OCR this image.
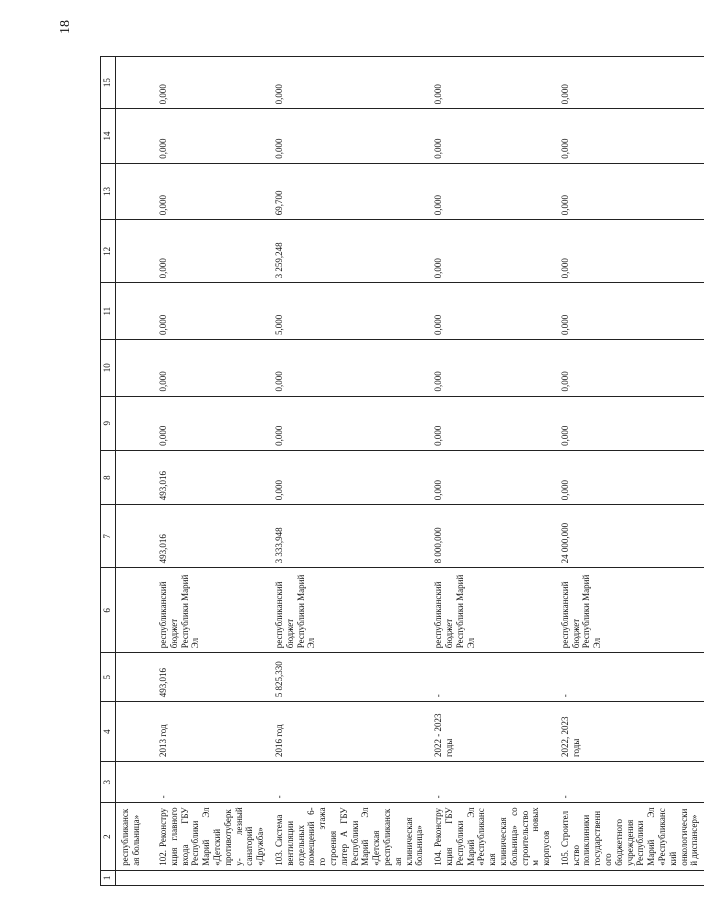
18
1	2	3	4	5	6	7	8	9	10	11	12	13	14	15
	республиканская больница»													
	102.Реконструкция главного входа ГБУ Республики Марий Эл «Детский противотуберку- лезный санаторий «Дружба»	-	2013 год	493,016	республиканский бюджет Республики Марий Эл	493,016	493,016	0,000	0,000	0,000	0,000	0,000	0,000	0,000
	103.Система вентиляции отдельных помещений 6-го этажа строения литер А ГБУ Республики Марий Эл «Детская республиканская клиническая больница»	-	2016 год	5 825,330	республиканский бюджет Республики Марий Эл	3 333,948	0,000	0,000	0,000	5,000	3 259,248	69,700	0,000	0,000
	104.Реконструкция ГБУ Республики Марий Эл «Республиканская клиническая больница» со строительством новых корпусов	-	2022 - 2023 годы	-	республиканский бюджет Республики Марий Эл	8 000,000	0,000	0,000	0,000	0,000	0,000	0,000	0,000	0,000
	105.Строительство поликлиники государственного бюджетного учреждения Республики Марий Эл «Республиканский онкологический диспансер»	-	2022, 2023 годы	-	республиканский бюджет Республики Марий Эл	24 000,000	0,000	0,000	0,000	0,000	0,000	0,000	0,000	0,000
